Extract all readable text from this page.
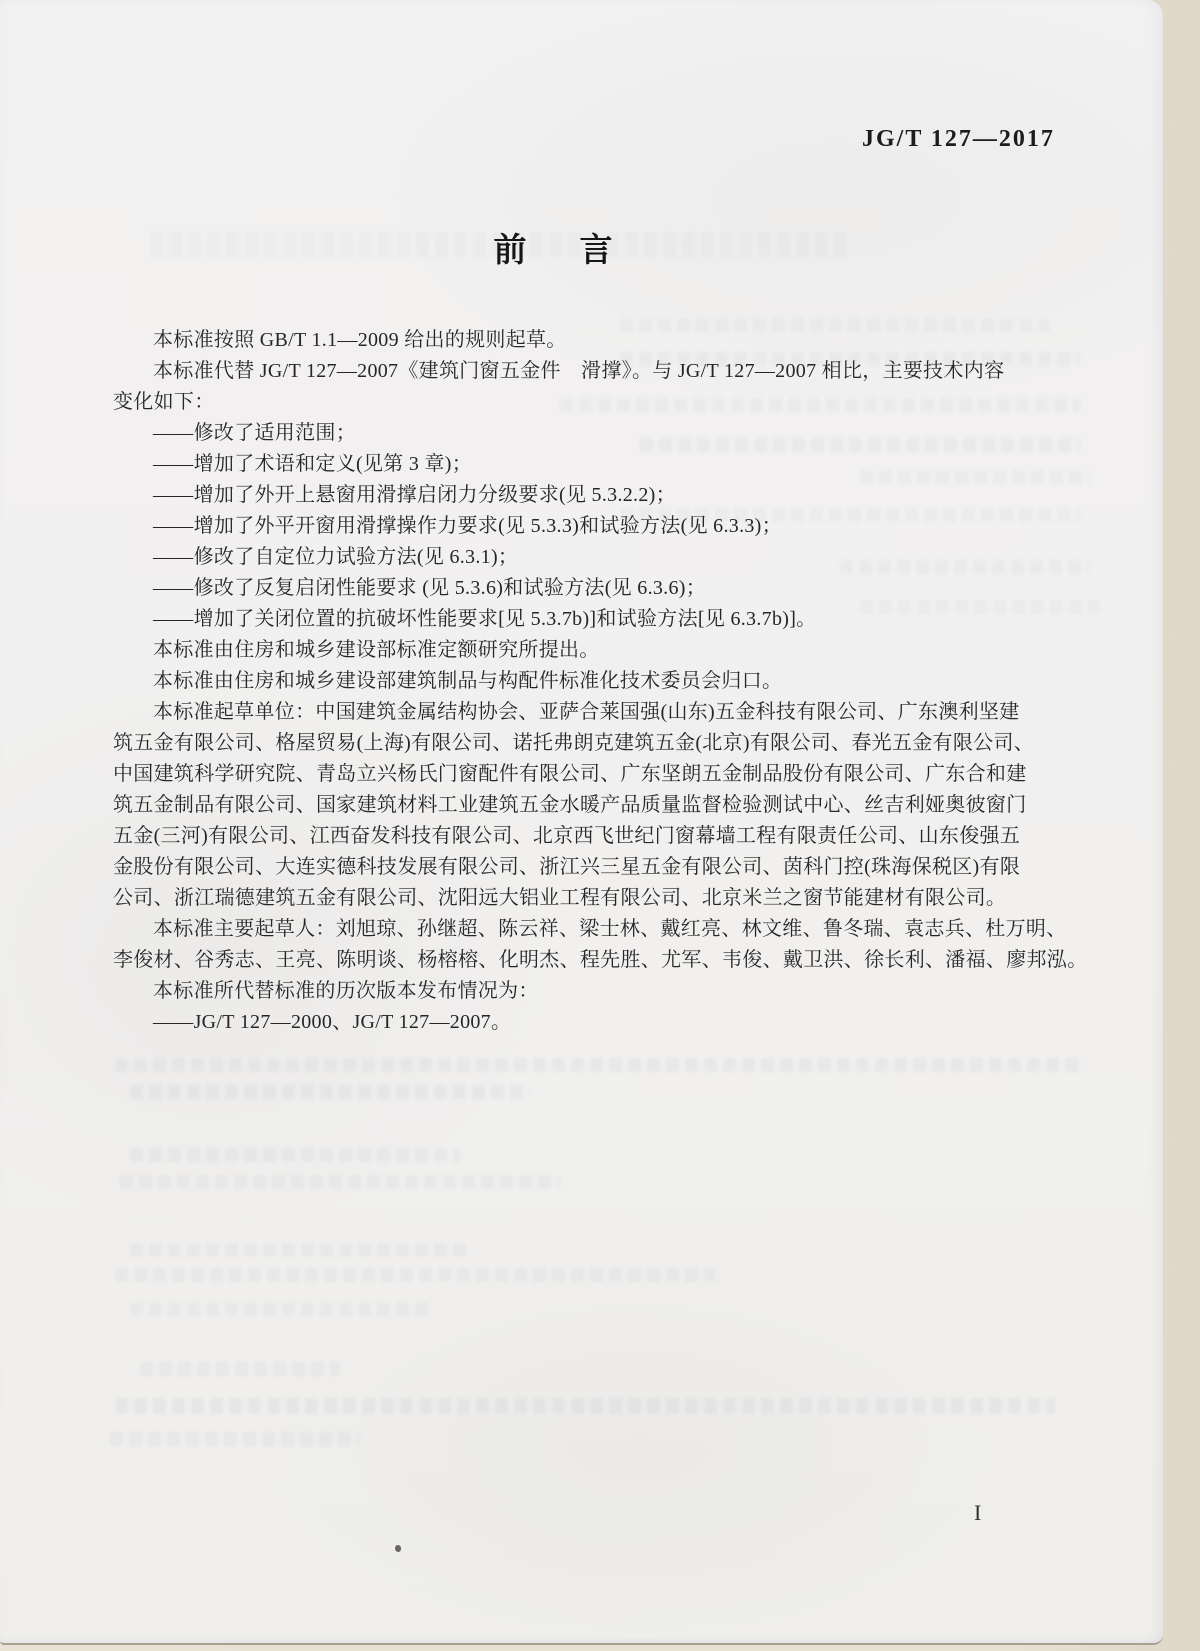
JG/T 127—2017
前　言
本标准按照 GB/T 1.1—2009 给出的规则起草。
本标准代替 JG/T 127—2007《建筑门窗五金件　滑撑》。与 JG/T 127—2007 相比，主要技术内容
变化如下：
——修改了适用范围；
——增加了术语和定义(见第 3 章)；
——增加了外开上悬窗用滑撑启闭力分级要求(见 5.3.2.2)；
——增加了外平开窗用滑撑操作力要求(见 5.3.3)和试验方法(见 6.3.3)；
——修改了自定位力试验方法(见 6.3.1)；
——修改了反复启闭性能要求 (见 5.3.6)和试验方法(见 6.3.6)；
——增加了关闭位置的抗破坏性能要求[见 5.3.7b)]和试验方法[见 6.3.7b)]。
本标准由住房和城乡建设部标准定额研究所提出。
本标准由住房和城乡建设部建筑制品与构配件标准化技术委员会归口。
本标准起草单位：中国建筑金属结构协会、亚萨合莱国强(山东)五金科技有限公司、广东澳利坚建
筑五金有限公司、格屋贸易(上海)有限公司、诺托弗朗克建筑五金(北京)有限公司、春光五金有限公司、
中国建筑科学研究院、青岛立兴杨氏门窗配件有限公司、广东坚朗五金制品股份有限公司、广东合和建
筑五金制品有限公司、国家建筑材料工业建筑五金水暖产品质量监督检验测试中心、丝吉利娅奥彼窗门
五金(三河)有限公司、江西奋发科技有限公司、北京西飞世纪门窗幕墙工程有限责任公司、山东俊强五
金股份有限公司、大连实德科技发展有限公司、浙江兴三星五金有限公司、茵科门控(珠海保税区)有限
公司、浙江瑞德建筑五金有限公司、沈阳远大铝业工程有限公司、北京米兰之窗节能建材有限公司。
本标准主要起草人：刘旭琼、孙继超、陈云祥、梁士林、戴红亮、林文维、鲁冬瑞、袁志兵、杜万明、
李俊材、谷秀志、王亮、陈明谈、杨榕榕、化明杰、程先胜、尤军、韦俊、戴卫洪、徐长利、潘福、廖邦泓。
本标准所代替标准的历次版本发布情况为：
——JG/T 127—2000、JG/T 127—2007。
I
